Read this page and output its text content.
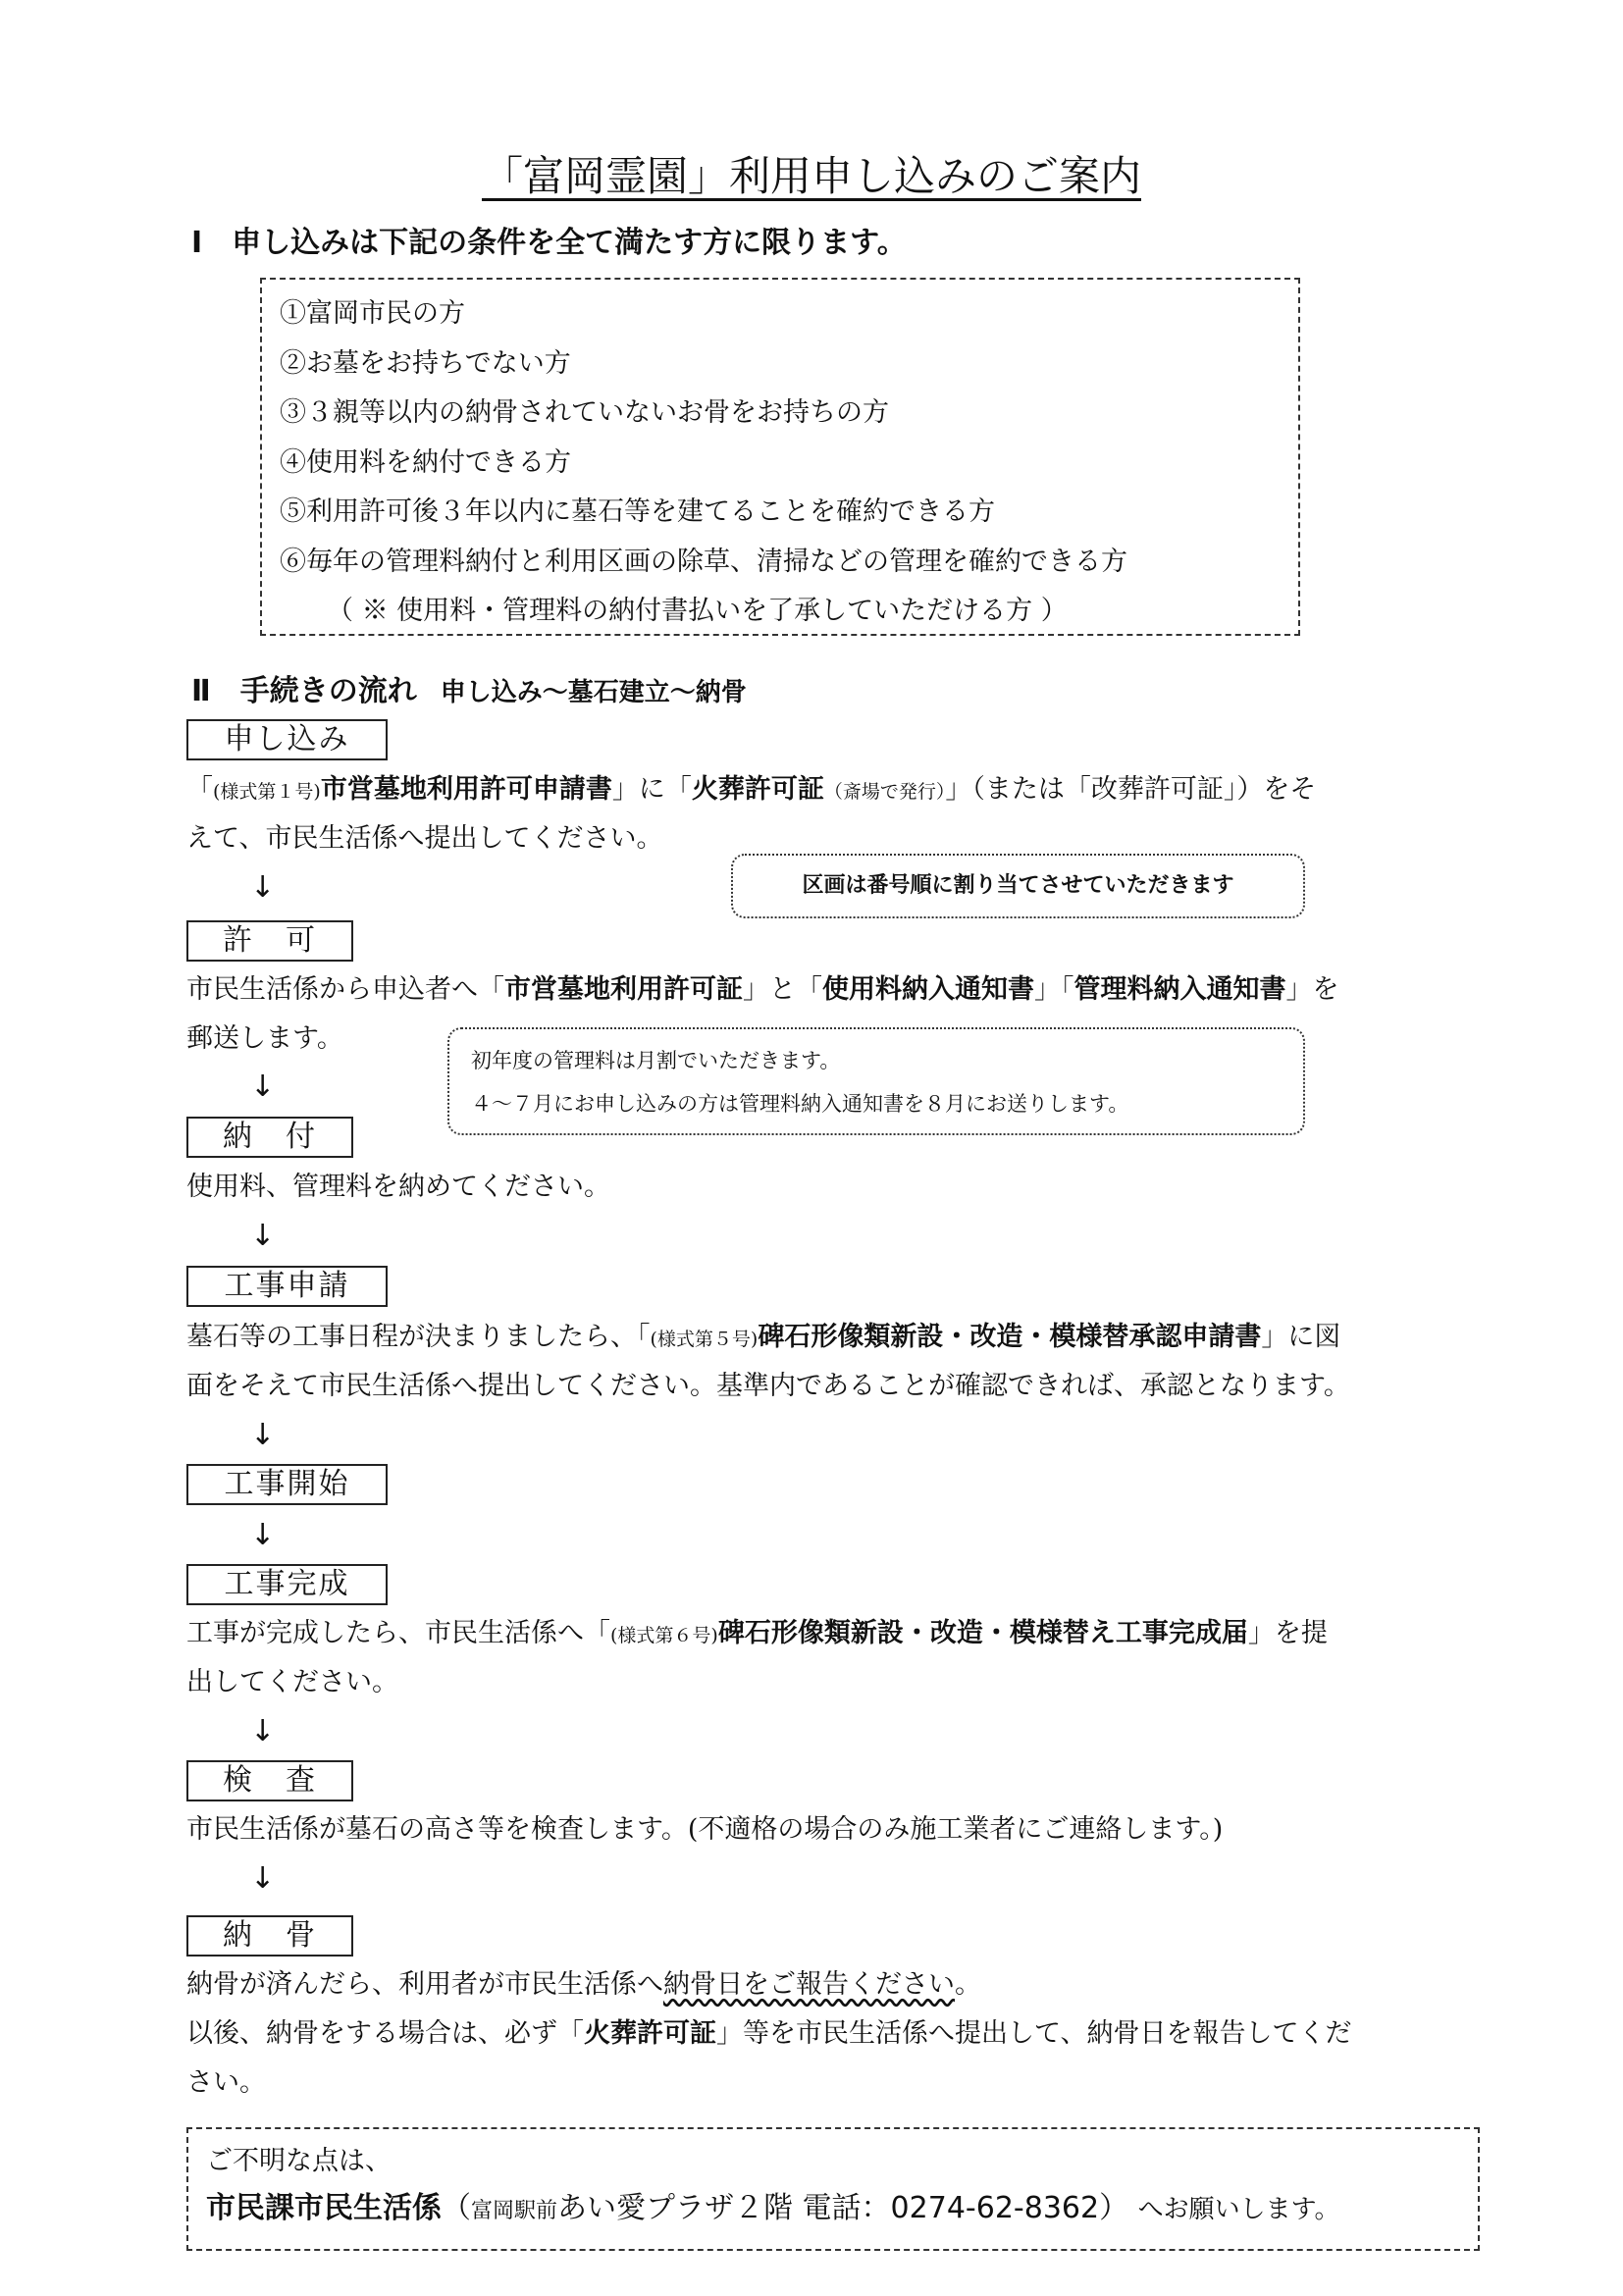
「富岡霊園」利用申し込みのご案内
Ⅰ　申し込みは下記の条件を全て満たす方に限ります。
①富岡市民の方
②お墓をお持ちでない方
③３親等以内の納骨されていないお骨をお持ちの方
④使用料を納付できる方
⑤利用許可後３年以内に墓石等を建てることを確約できる方
⑥毎年の管理料納付と利用区画の除草、清掃などの管理を確約できる方
（ ※ 使用料・管理料の納付書払いを了承していただける方 ）
Ⅱ　手続きの流れ 申し込み～墓石建立～納骨
申し込み
「(様式第１号)市営墓地利用許可申請書」に「火葬許可証（斎場で発行）」（または「改葬許可証」）をそ
えて、市民生活係へ提出してください。
区画は番号順に割り当てさせていただきます
↓
許　可
市民生活係から申込者へ「市営墓地利用許可証」と「使用料納入通知書」「管理料納入通知書」を
郵送します。
初年度の管理料は月割でいただきます。
４～７月にお申し込みの方は管理料納入通知書を８月にお送りします。
↓
納　付
使用料、管理料を納めてください。
↓
工事申請
墓石等の工事日程が決まりましたら、「(様式第５号)碑石形像類新設・改造・模様替承認申請書」に図
面をそえて市民生活係へ提出してください。基準内であることが確認できれば、承認となります。
↓
工事開始
↓
工事完成
工事が完成したら、市民生活係へ「(様式第６号)碑石形像類新設・改造・模様替え工事完成届」を提
出してください。
↓
検　査
市民生活係が墓石の高さ等を検査します。(不適格の場合のみ施工業者にご連絡します。)
↓
納　骨
納骨が済んだら、利用者が市民生活係へ納骨日をご報告ください。
以後、納骨をする場合は、必ず「火葬許可証」等を市民生活係へ提出して、納骨日を報告してくだ
さい。
ご不明な点は、
市民課市民生活係（富岡駅前あい愛プラザ２階 電話：0274-62-8362） へお願いします。
